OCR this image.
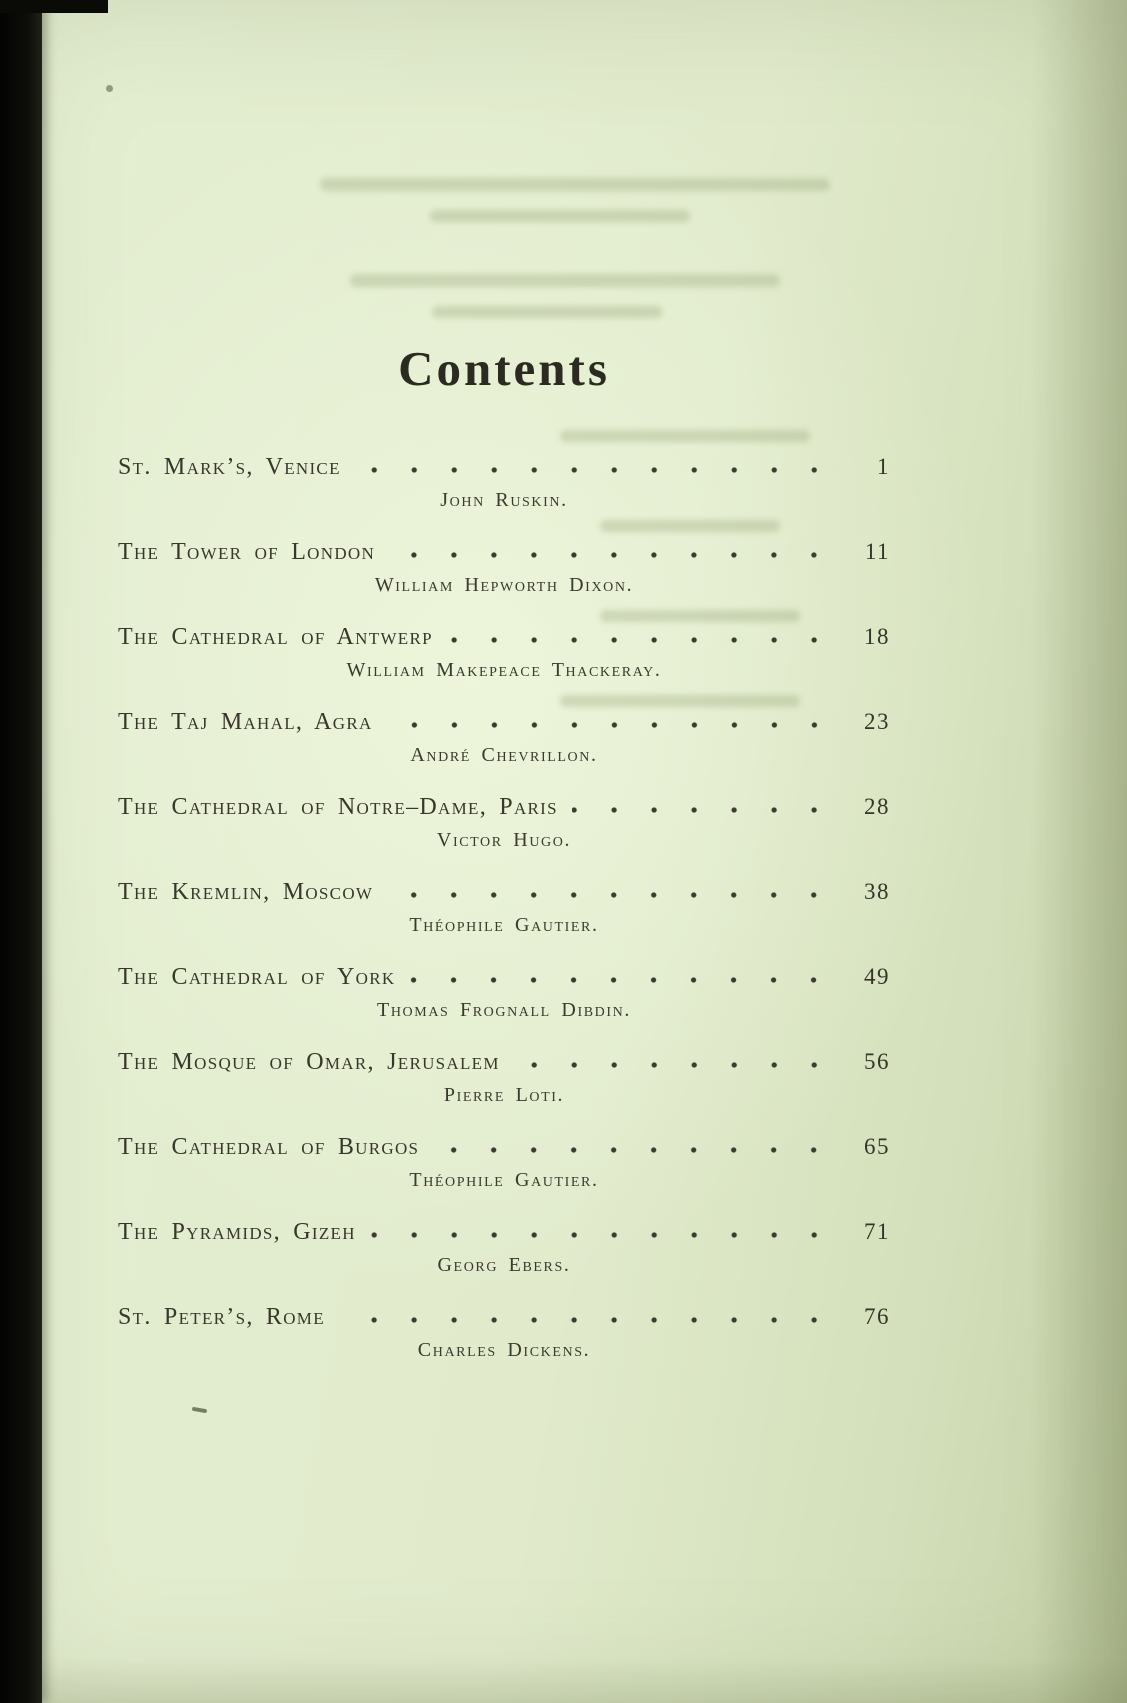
Contents
St. Mark’s, Venice	1
John Ruskin.
The Tower of London	11
William Hepworth Dixon.
The Cathedral of Antwerp	18
William Makepeace Thackeray.
The Taj Mahal, Agra	23
André Chevrillon.
The Cathedral of Notre–Dame, Paris	28
Victor Hugo.
The Kremlin, Moscow	38
Théophile Gautier.
The Cathedral of York	49
Thomas Frognall Dibdin.
The Mosque of Omar, Jerusalem	56
Pierre Loti.
The Cathedral of Burgos	65
Théophile Gautier.
The Pyramids, Gizeh	71
Georg Ebers.
St. Peter’s, Rome	76
Charles Dickens.
